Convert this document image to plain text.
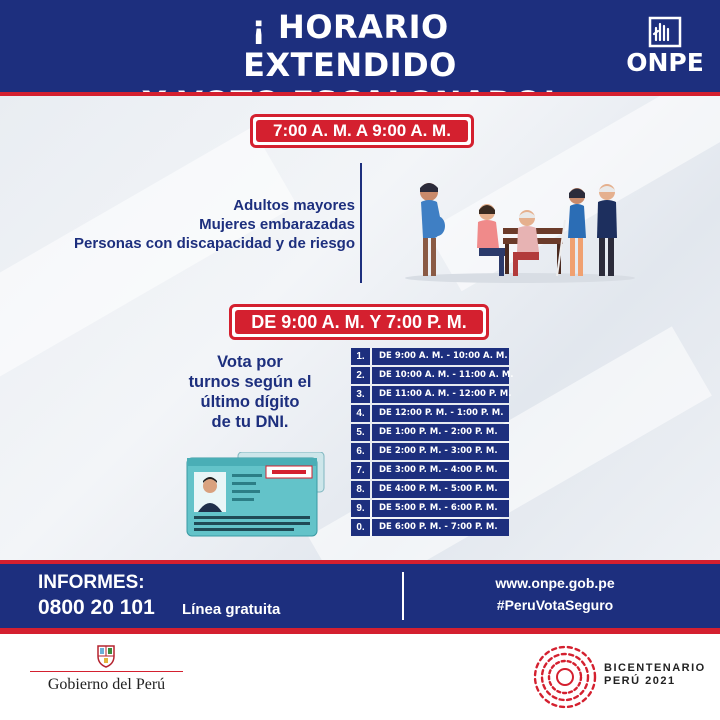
¡ HORARIO EXTENDIDO	ONPE
7:00 A. M. A 9:00 A. M.
Adultos mayores
Mujeres embarazadas
Personas con discapacidad y de riesgo
DE 9:00 A. M. Y 7:00 P. M.
Vota por
turnos según el
último dígito
de tu DNI.
1.	DE 9:00 A. M. - 10:00 A. M.
2.	DE 10:00 A. M. - 11:00 A. M.
3.	DE 11:00 A. M. - 12:00 P. M.
4.	DE 12:00 P. M. - 1:00 P. M.
5.	DE 1:00 P. M. - 2:00 P. M.
6.	DE 2:00 P. M. - 3:00 P. M.
7.	DE 3:00 P. M. - 4:00 P. M.
8.	DE 4:00 P. M. - 5:00 P. M.
9.	DE 5:00 P. M. - 6:00 P. M.
0.	DE 6:00 P. M. - 7:00 P. M.
INFORMES:
0800 20 101 Línea gratuita
www.onpe.gob.pe
#PeruVotaSeguro
Gobierno del Perú
BICENTENARIO
PERÚ 2021
